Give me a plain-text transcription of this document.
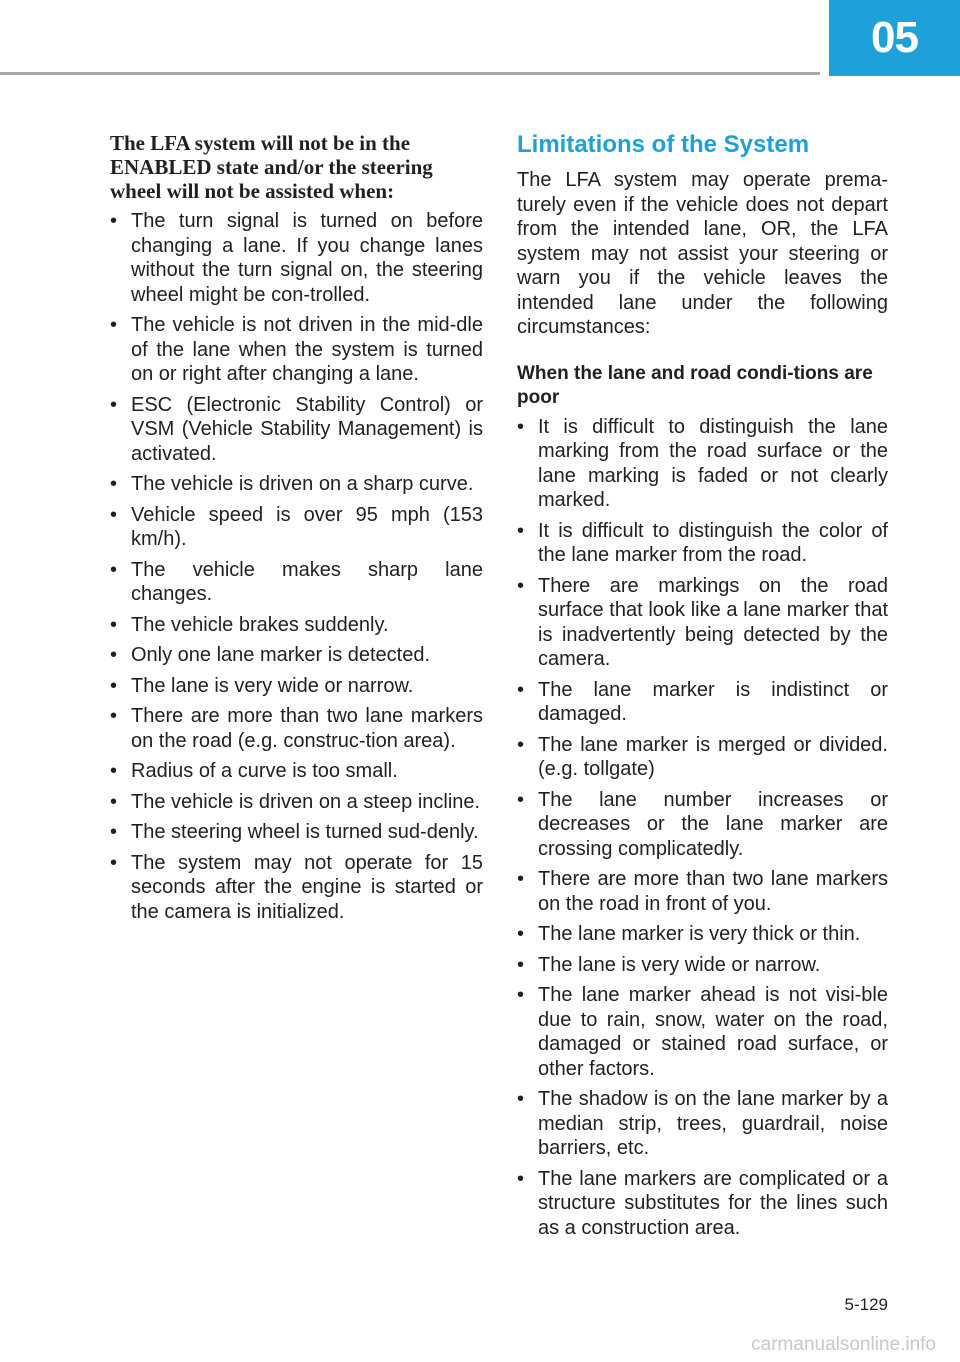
05

The LFA system will not be in the ENABLED state and/or the steering wheel will not be assisted when:

• The turn signal is turned on before changing a lane. If you change lanes without the turn signal on, the steering wheel might be con-trolled.
• The vehicle is not driven in the mid-dle of the lane when the system is turned on or right after changing a lane.
• ESC (Electronic Stability Control) or VSM (Vehicle Stability Management) is activated.
• The vehicle is driven on a sharp curve.
• Vehicle speed is over 95 mph (153 km/h).
• The vehicle makes sharp lane changes.
• The vehicle brakes suddenly.
• Only one lane marker is detected.
• The lane is very wide or narrow.
• There are more than two lane markers on the road (e.g. construc-tion area).
• Radius of a curve is too small.
• The vehicle is driven on a steep incline.
• The steering wheel is turned sud-denly.
• The system may not operate for 15 seconds after the engine is started or the camera is initialized.
Limitations of the System

The LFA system may operate prema-turely even if the vehicle does not depart from the intended lane, OR, the LFA system may not assist your steering or warn you if the vehicle leaves the intended lane under the following circumstances:

When the lane and road condi-tions are poor

• It is difficult to distinguish the lane marking from the road surface or the lane marking is faded or not clearly marked.
• It is difficult to distinguish the color of the lane marker from the road.
• There are markings on the road surface that look like a lane marker that is inadvertently being detected by the camera.
• The lane marker is indistinct or damaged.
• The lane marker is merged or divided. (e.g. tollgate)
• The lane number increases or decreases or the lane marker are crossing complicatedly.
• There are more than two lane markers on the road in front of you.
• The lane marker is very thick or thin.
• The lane is very wide or narrow.
• The lane marker ahead is not visi-ble due to rain, snow, water on the road, damaged or stained road surface, or other factors.
• The shadow is on the lane marker by a median strip, trees, guardrail, noise barriers, etc.
• The lane markers are complicated or a structure substitutes for the lines such as a construction area.
5-129
carmanualsonline.info
